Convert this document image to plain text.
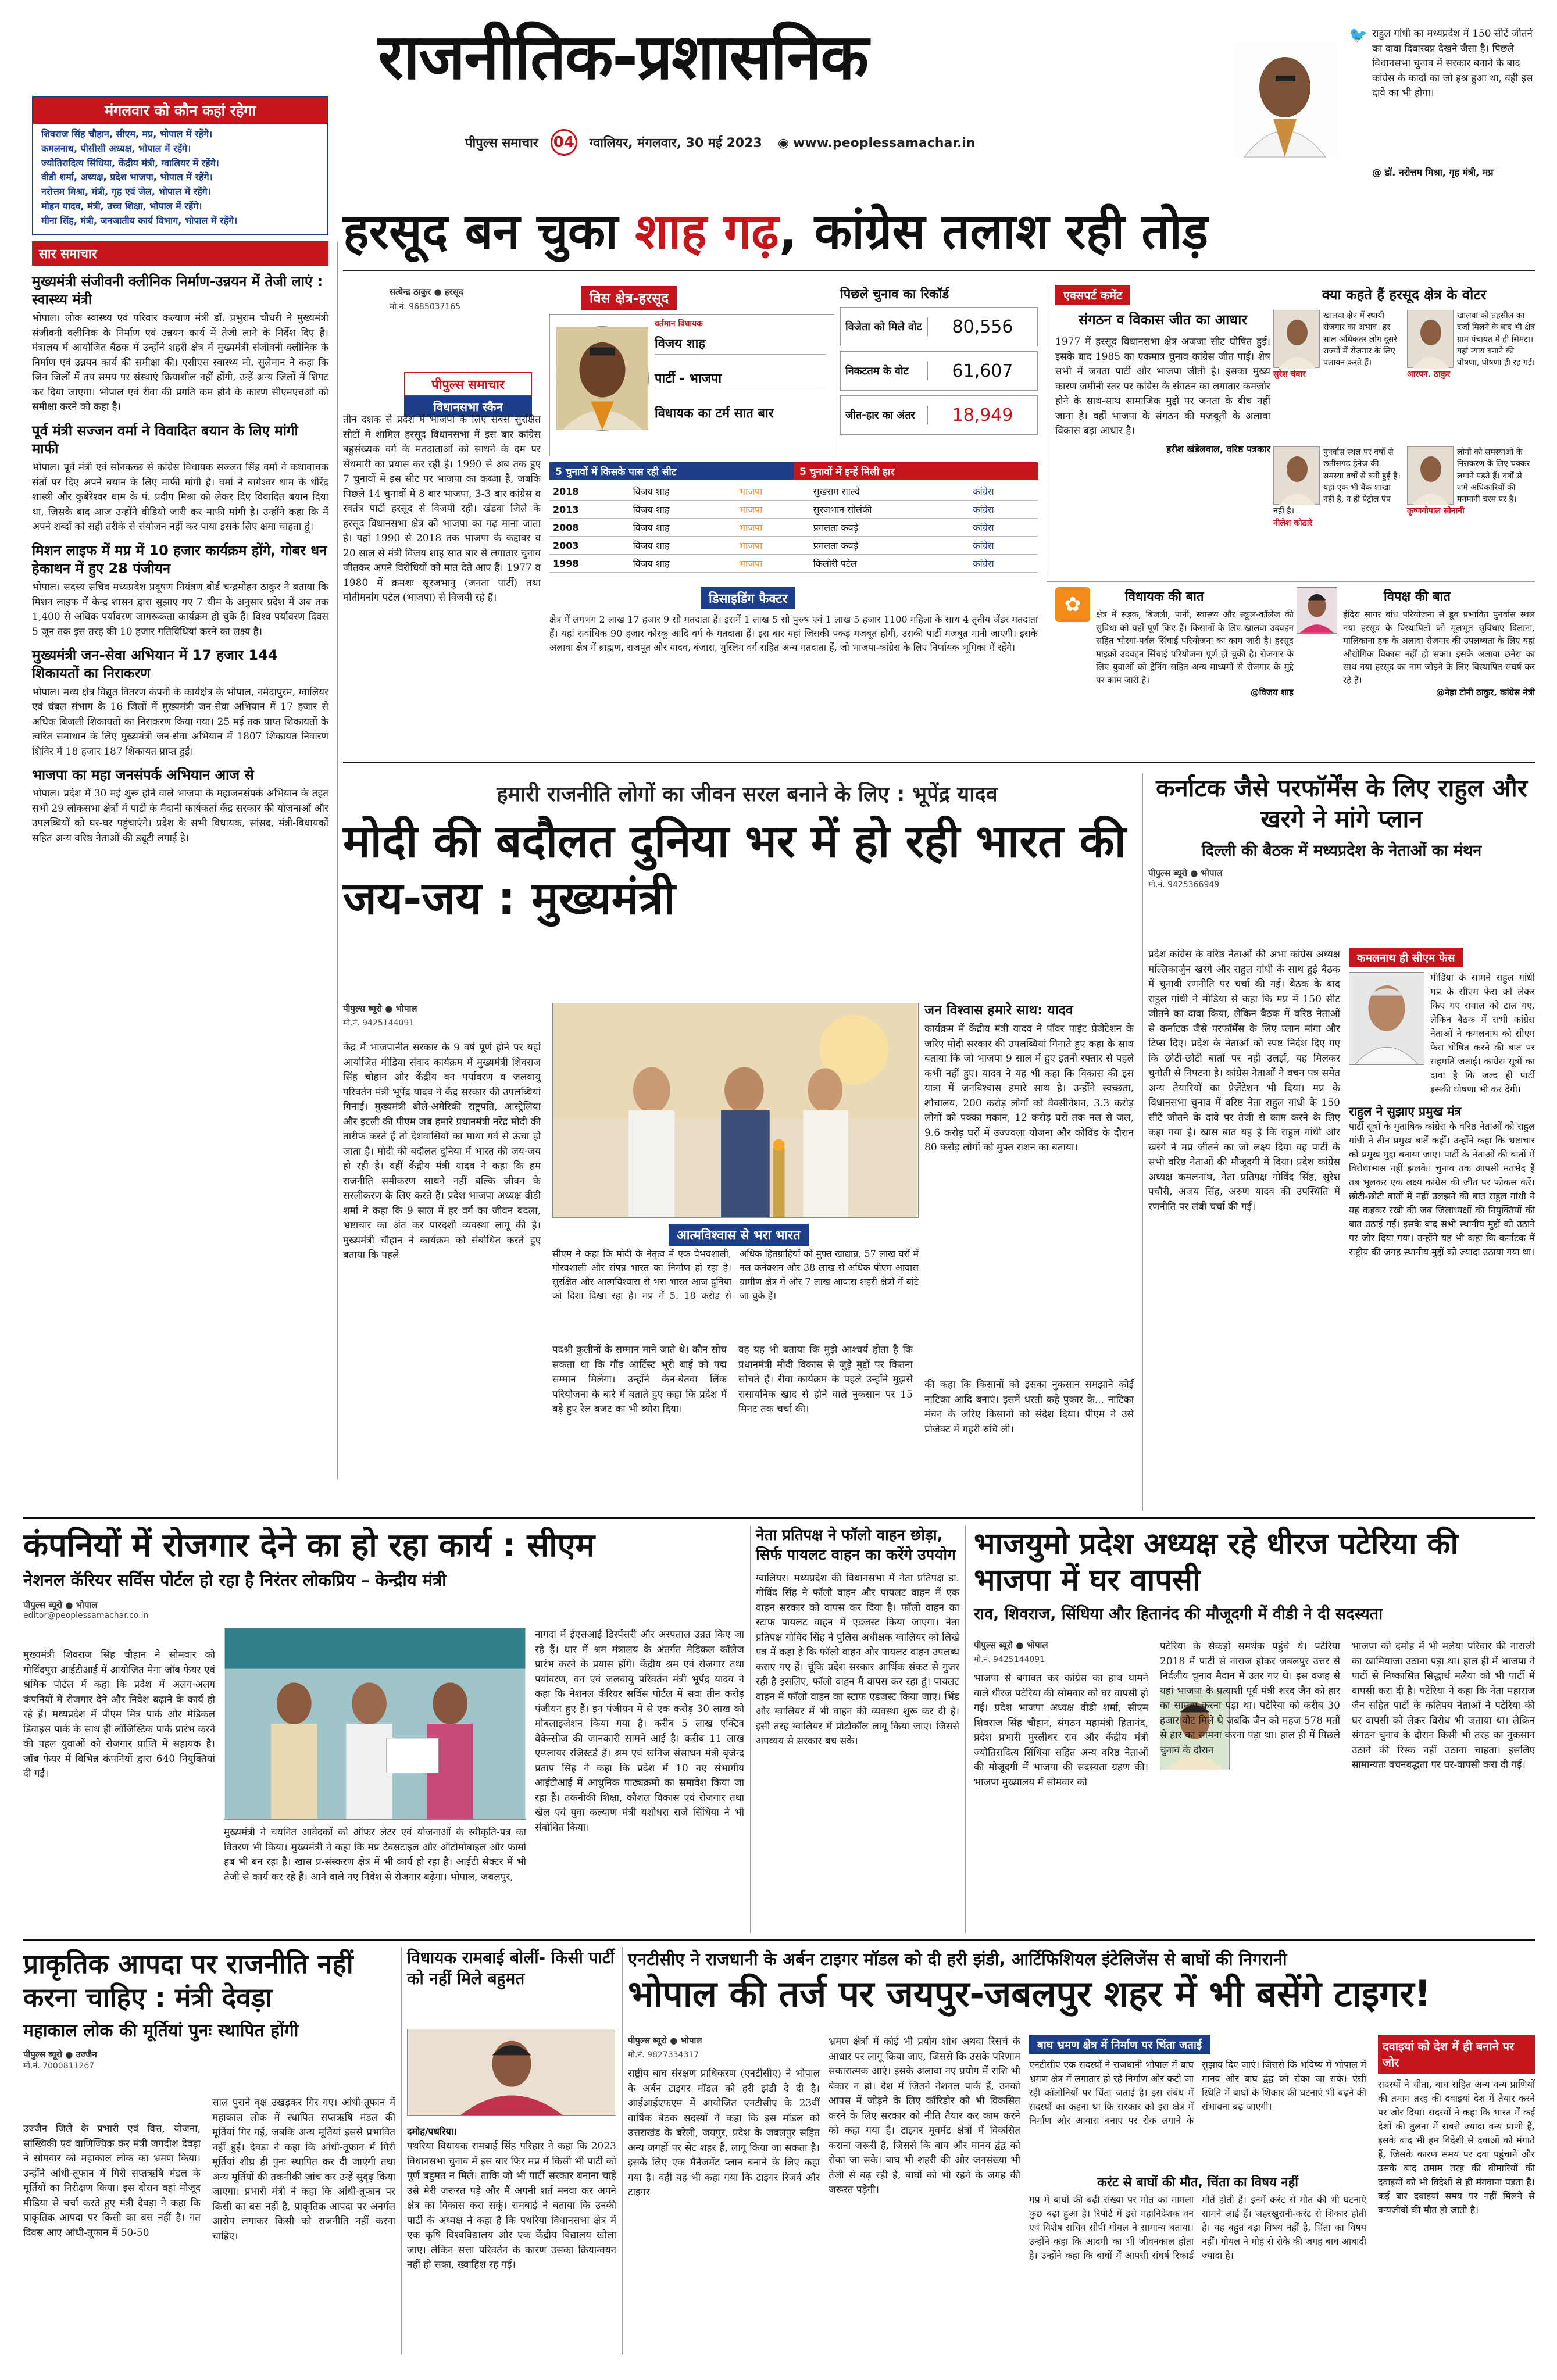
मंगलवार को कौन कहां रहेगा
शिवराज सिंह चौहान, सीएम, मप्र, भोपाल में रहेंगे।
कमलनाथ, पीसीसी अध्यक्ष, भोपाल में रहेंगे।
ज्योतिरादित्य सिंधिया, केंद्रीय मंत्री, ग्वालियर में रहेंगे।
वीडी शर्मा, अध्यक्ष, प्रदेश भाजपा, भोपाल में रहेंगे।
नरोत्तम मिश्रा, मंत्री, गृह एवं जेल, भोपाल में रहेंगे।
मोहन यादव, मंत्री, उच्च शिक्षा, भोपाल में रहेंगे।
मीना सिंह, मंत्री, जनजातीय कार्य विभाग, भोपाल में रहेंगे।
राजनीतिक-प्रशासनिक
पीपुल्स समाचार 04 ग्वालियर, मंगलवार, 30 मई 2023 ◉ www.peoplessamachar.in
🐦 राहुल गांधी का मध्यप्रदेश में 150 सीटें जीतने का दावा दिवास्वप्न देखने जैसा है। पिछले विधानसभा चुनाव में सरकार बनाने के बाद कांग्रेस के कादों का जो हश्र हुआ था, वही इस दावे का भी होगा।
@ डॉ. नरोत्तम मिश्रा, गृह मंत्री, मप्र
सार समाचार
मुख्यमंत्री संजीवनी क्लीनिक निर्माण-उन्नयन में तेजी लाएं : स्वास्थ्य मंत्री
भोपाल। लोक स्वास्थ्य एवं परिवार कल्याण मंत्री डॉ. प्रभुराम चौधरी ने मुख्यमंत्री संजीवनी क्लीनिक के निर्माण एवं उन्नयन कार्य में तेजी लाने के निर्देश दिए हैं। मंत्रालय में आयोजित बैठक में उन्होंने शहरी क्षेत्र में मुख्यमंत्री संजीवनी क्लीनिक के निर्माण एवं उन्नयन कार्य की समीक्षा की। एसीएस स्वास्थ्य मो. सुलेमान ने कहा कि जिन जिलों में तय समय पर संस्थाएं क्रियाशील नहीं होंगी, उन्हें अन्य जिलों में शिफ्ट कर दिया जाएगा। भोपाल एवं रीवा की प्रगति कम होने के कारण सीएमएचओ को समीक्षा करने को कहा है।
पूर्व मंत्री सज्जन वर्मा ने विवादित बयान के लिए मांगी माफी
भोपाल। पूर्व मंत्री एवं सोनकच्छ से कांग्रेस विधायक सज्जन सिंह वर्मा ने कथावाचक संतों पर दिए अपने बयान के लिए माफी मांगी है। वर्मा ने बागेश्वर धाम के धीरेंद्र शास्त्री और कुबेरेश्वर धाम के पं. प्रदीप मिश्रा को लेकर दिए विवादित बयान दिया था, जिसके बाद आज उन्होंने वीडियो जारी कर माफी मांगी है। उन्होंने कहा कि मैं अपने शब्दों को सही तरीके से संयोजन नहीं कर पाया इसके लिए क्षमा चाहता हूं।
मिशन लाइफ में मप्र में 10 हजार कार्यक्रम होंगे, गोबर धन हेकाथन में हुए 28 पंजीयन
भोपाल। सदस्य सचिव मध्यप्रदेश प्रदूषण नियंत्रण बोर्ड चन्द्रमोहन ठाकुर ने बताया कि मिशन लाइफ में केन्द्र शासन द्वारा सुझाए गए 7 थीम के अनुसार प्रदेश में अब तक 1,400 से अधिक पर्यावरण जागरूकता कार्यक्रम हो चुके हैं। विश्व पर्यावरण दिवस 5 जून तक इस तरह की 10 हजार गतिविधियां करने का लक्ष्य है।
मुख्यमंत्री जन-सेवा अभियान में 17 हजार 144 शिकायतों का निराकरण
भोपाल। मध्य क्षेत्र विद्युत वितरण कंपनी के कार्यक्षेत्र के भोपाल, नर्मदापुरम, ग्वालियर एवं चंबल संभाग के 16 जिलों में मुख्यमंत्री जन-सेवा अभियान में 17 हजार से अधिक बिजली शिकायतों का निराकरण किया गया। 25 मई तक प्राप्त शिकायतों के त्वरित समाधान के लिए मुख्यमंत्री जन-सेवा अभियान में 1807 शिकायत निवारण शिविर में 18 हजार 187 शिकायत प्राप्त हुईं।
भाजपा का महा जनसंपर्क अभियान आज से
भोपाल। प्रदेश में 30 मई शुरू होने वाले भाजपा के महाजनसंपर्क अभियान के तहत सभी 29 लोकसभा क्षेत्रों में पार्टी के मैदानी कार्यकर्ता केंद्र सरकार की योजनाओं और उपलब्धियों को घर-घर पहुंचाएंगे। प्रदेश के सभी विधायक, सांसद, मंत्री-विधायकों सहित अन्य वरिष्ठ नेताओं की ड्यूटी लगाई है।
हरसूद बन चुका शाह गढ़, कांग्रेस तलाश रही तोड़
सत्येन्द्र ठाकुर ● हरसूद
मो.नं. 9685037165
विस क्षेत्र-हरसूद
पीपुल्स समाचार
विधानसभा स्कैन
तीन दशक से प्रदेश में भाजपा के लिए सबसे सुरक्षित सीटों में शामिल हरसूद विधानसभा में इस बार कांग्रेस बहुसंख्यक वर्ग के मतदाताओं को साधने के दम पर सेंधमारी का प्रयास कर रही है। 1990 से अब तक हुए 7 चुनावों में इस सीट पर भाजपा का कब्जा है, जबकि पिछले 14 चुनावों में 8 बार भाजपा, 3-3 बार कांग्रेस व स्वतंत्र पार्टी हरसूद से विजयी रही। खंडवा जिले के हरसूद विधानसभा क्षेत्र को भाजपा का गढ़ माना जाता है। यहां 1990 से 2018 तक भाजपा के कद्दावर व 20 साल से मंत्री विजय शाह सात बार से लगातार चुनाव जीतकर अपने विरोधियों को मात देते आए हैं। 1977 व 1980 में क्रमशः सूरजभानु (जनता पार्टी) तथा मोतीमनांग पटेल (भाजपा) से विजयी रहे हैं।
वर्तमान विधायक
विजय शाह
पार्टी - भाजपा
विधायक का टर्म सात बार
पिछले चुनाव का रिकॉर्ड
विजेता को मिले वोट	80,556
निकटतम के वोट	61,607
जीत-हार का अंतर	18,949
5 चुनावों में किसके पास रही सीट	5 चुनावों में इन्हें मिली हार
2018	विजय शाह	भाजपा	सुखराम साल्वे	कांग्रेस
2013	विजय शाह	भाजपा	सुरजभान सोलंकी	कांग्रेस
2008	विजय शाह	भाजपा	प्रमलता कवड़े	कांग्रेस
2003	विजय शाह	भाजपा	प्रमलता कवड़े	कांग्रेस
1998	विजय शाह	भाजपा	किलोरी पटेल	कांग्रेस
डिसाइडिंग फैक्टर
क्षेत्र में लगभग 2 लाख 17 हजार 9 सौ मतदाता हैं। इसमें 1 लाख 5 सौ पुरुष एवं 1 लाख 5 हजार 1100 महिला के साथ 4 तृतीय जेंडर मतदाता हैं। यहां सर्वाधिक 90 हजार कोरकू आदि वर्ग के मतदाता हैं। इस बार यहां जिसकी पकड़ मजबूत होगी, उसकी पार्टी मजबूत मानी जाएगी। इसके अलावा क्षेत्र में ब्राह्मण, राजपूत और यादव, बंजारा, मुस्लिम वर्ग सहित अन्य मतदाता हैं, जो भाजपा-कांग्रेस के लिए निर्णायक भूमिका में रहेंगे।
एक्सपर्ट कमेंट
संगठन व विकास जीत का आधार
1977 में हरसूद विधानसभा क्षेत्र अजजा सीट घोषित हुई। इसके बाद 1985 का एकमात्र चुनाव कांग्रेस जीत पाई। शेष सभी में जनता पार्टी और भाजपा जीती है। इसका मुख्य कारण जमीनी स्तर पर कांग्रेस के संगठन का लगातार कमजोर होने के साथ-साथ सामाजिक मुद्दों पर जनता के बीच नहीं जाना है। वहीं भाजपा के संगठन की मजबूती के अलावा विकास बड़ा आधार है।
हरीश खंडेलवाल, वरिष्ठ पत्रकार
क्या कहते हैं हरसूद क्षेत्र के वोटर
खालवा क्षेत्र में स्थायी रोजगार का अभाव। हर साल अधिकतर लोग दूसरे राज्यों में रोजगार के लिए पलायन करते हैं।
सुरेश चंबार
खालवा को तहसील का दर्जा मिलने के बाद भी क्षेत्र ग्राम पंचायत में ही सिमटा। यहां न्याय बनाने की घोषणा, घोषणा ही रह गई।
आरपन. ठाकुर
पुनर्वास स्थल पर वर्षों से छतीसगढ़ ड्रेनेज की समस्या वर्षों से बनी हुई है। यहां एक भी बैंक शाखा नहीं है, न ही पेट्रोल पंप नहीं है।
नीलेश कोठारे
लोगों को समस्याओं के निराकरण के लिए चक्कर लगाने पड़ते हैं। वर्षों से जमे अधिकारियों की मनमानी चरम पर है।
कृष्णगोपाल सोनानी
विधायक की बात
✿	क्षेत्र में सड़क, बिजली, पानी, स्वास्थ्य और स्कूल-कॉलेज की सुविधा को यहाँ पूर्ण किए हैं। किसानों के लिए खालवा उदवहन सहित भोरगां-पर्वल सिंचाई परियोजना का काम जारी है। हरसूद माइक्रो उदवहन सिंचाई परियोजना पूर्ण हो चुकी है। रोजगार के लिए युवाओं को ट्रेनिंग सहित अन्य माध्यमों से रोजगार के मुद्दे पर काम जारी है।
@विजय शाह
विपक्ष की बात
इंदिरा सागर बांध परियोजना से डूब प्रभावित पुनर्वास स्थल नया हरसूद के विस्थापितों को मूलभूत सुविधाएं दिलाना, मालिकाना हक के अलावा रोजगार की उपलब्धता के लिए यहां औद्योगिक विकास नहीं हो सका। इसके अलावा छनेरा का साथ नया हरसूद का नाम जोड़ने के लिए विस्थापित संघर्ष कर रहे हैं।
@नेहा टोनी ठाकुर, कांग्रेस नेत्री
हमारी राजनीति लोगों का जीवन सरल बनाने के लिए : भूपेंद्र यादव
मोदी की बदौलत दुनिया भर में हो रही भारत की जय-जय : मुख्यमंत्री
पीपुल्स ब्यूरो ● भोपाल
मो.नं. 9425144091
केंद्र में भाजपानीत सरकार के 9 वर्ष पूर्ण होने पर यहां आयोजित मीडिया संवाद कार्यक्रम में मुख्यमंत्री शिवराज सिंह चौहान और केंद्रीय वन पर्यावरण व जलवायु परिवर्तन मंत्री भूपेंद्र यादव ने केंद्र सरकार की उपलब्धियां गिनाईं। मुख्यमंत्री बोले-अमेरिकी राष्ट्रपति, आस्ट्रेलिया और इटली की पीएम जब हमारे प्रधानमंत्री नरेंद्र मोदी की तारीफ करते हैं तो देशवासियों का माथा गर्व से ऊंचा हो जाता है। मोदी की बदौलत दुनिया में भारत की जय-जय हो रही है। वहीं केंद्रीय मंत्री यादव ने कहा कि हम राजनीति समीकरण साधने नहीं बल्कि जीवन के सरलीकरण के लिए करते हैं। प्रदेश भाजपा अध्यक्ष वीडी शर्मा ने कहा कि 9 साल में हर वर्ग का जीवन बदला, भ्रष्टाचार का अंत कर पारदर्शी व्यवस्था लागू की है। मुख्यमंत्री चौहान ने कार्यक्रम को संबोधित करते हुए बताया कि पहले
जन विश्वास हमारे साथ: यादव
कार्यक्रम में केंद्रीय मंत्री यादव ने पॉवर पाइंट प्रेजेंटेशन के जरिए मोदी सरकार की उपलब्धियां गिनाते हुए कहा के साथ बताया कि जो भाजपा 9 साल में हुए इतनी रफ्तार से पहले कभी नहीं हुए। यादव ने यह भी कहा कि विकास की इस यात्रा में जनविश्वास हमारे साथ है। उन्होंने स्वच्छता, शौचालय, 200 करोड़ लोगों को वैक्सीनेशन, 3.3 करोड़ लोगों को पक्का मकान, 12 करोड़ घरों तक नल से जल, 9.6 करोड़ घरों में उज्ज्वला योजना और कोविड के दौरान 80 करोड़ लोगों को मुफ्त राशन का बताया।
आत्मविश्वास से भरा भारत
सीएम ने कहा कि मोदी के नेतृत्व में एक वैभवशाली, गौरवशाली और संपन्न भारत का निर्माण हो रहा है। सुरक्षित और आत्मविश्वास से भरा भारत आज दुनिया को दिशा दिखा रहा है। मप्र में 5. 18 करोड़ से अधिक हितग्राहियों को मुफ्त खाद्यान्न, 57 लाख घरों में नल कनेक्शन और 38 लाख से अधिक पीएम आवास ग्रामीण क्षेत्र में और 7 लाख आवास शहरी क्षेत्रों में बांटे जा चुके हैं।
पदश्री कुलीनों के सम्मान माने जाते थे। कौन सोच सकता था कि गौंड आर्टिस्ट भूरी बाई को पद्म सम्मान मिलेगा। उन्होंने केन-बेतवा लिंक परियोजना के बारे में बताते हुए कहा कि प्रदेश में बड़े हुए रेल बजट का भी ब्यौरा दिया।
वह यह भी बताया कि मुझे आश्चर्य होता है कि प्रधानमंत्री मोदी विकास से जुड़े मुद्दों पर कितना सोचते हैं। रीवा कार्यक्रम के पहले उन्होंने मुझसे रासायनिक खाद से होने वाले नुकसान पर 15 मिनट तक चर्चा की।
की कहा कि किसानों को इसका नुकसान समझाने कोई नाटिका आदि बनाएं। इसमें धरती कहे पुकार के... नाटिका मंचन के जरिए किसानों को संदेश दिया। पीएम ने उसे प्रोजेक्ट में गहरी रुचि ली।
कर्नाटक जैसे परफॉर्मेंस के लिए राहुल और खरगे ने मांगे प्लान
दिल्ली की बैठक में मध्यप्रदेश के नेताओं का मंथन
पीपुल्स ब्यूरो ● भोपाल
मो.नं. 9425366949
प्रदेश कांग्रेस के वरिष्ठ नेताओं की अभा कांग्रेस अध्यक्ष मल्लिकार्जुन खरगे और राहुल गांधी के साथ हुई बैठक में चुनावी रणनीति पर चर्चा की गई। बैठक के बाद राहुल गांधी ने मीडिया से कहा कि मप्र में 150 सीट जीतने का दावा किया, लेकिन बैठक में वरिष्ठ नेताओं से कर्नाटक जैसे परफॉर्मेंस के लिए प्लान मांगा और टिप्स दिए। प्रदेश के नेताओं को स्पष्ट निर्देश दिए गए कि छोटी-छोटी बातों पर नहीं उलझें, यह मिलकर चुनौती से निपटना है। कांग्रेस नेताओं ने वचन पत्र समेत अन्य तैयारियों का प्रेजेंटेशन भी दिया। मप्र के विधानसभा चुनाव में वरिष्ठ नेता राहुल गांधी के 150 सीटें जीतने के दावे पर तेजी से काम करने के लिए कहा गया है। खास बात यह है कि राहुल गांधी और खरगे ने मप्र जीतने का जो लक्ष्य दिया वह पार्टी के सभी वरिष्ठ नेताओं की मौजूदगी में दिया। प्रदेश कांग्रेस अध्यक्ष कमलनाथ, नेता प्रतिपक्ष गोविंद सिंह, सुरेश पचौरी, अजय सिंह, अरुण यादव की उपस्थिति में रणनीति पर लंबी चर्चा की गई।
कमलनाथ ही सीएम फेस
मीडिया के सामने राहुल गांधी मप्र के सीएम फेस को लेकर किए गए सवाल को टाल गए, लेकिन बैठक में सभी कांग्रेस नेताओं ने कमलनाथ को सीएम फेस घोषित करने की बात पर सहमति जताई। कांग्रेस सूत्रों का दावा है कि जल्द ही पार्टी इसकी घोषणा भी कर देगी।
राहुल ने सुझाए प्रमुख मंत्र
पार्टी सूत्रों के मुताबिक कांग्रेस के वरिष्ठ नेताओं को राहुल गांधी ने तीन प्रमुख बातें कहीं। उन्होंने कहा कि भ्रष्टाचार को प्रमुख मुद्दा बनाया जाए। पार्टी के नेताओं की बातों में विरोधाभास नहीं झलके। चुनाव तक आपसी मतभेद हैं तब भूलकर एक लक्ष्य कांग्रेस की जीत पर फोकस करें। छोटी-छोटी बातों में नहीं उलझने की बात राहुल गांधी ने यह कहकर रखी की जब जिलाध्यक्षों की नियुक्तियों की बात उठाई गई। इसके बाद सभी स्थानीय मुद्दों को उठाने पर जोर दिया गया। उन्होंने यह भी कहा कि कर्नाटक में राष्ट्रीय की जगह स्थानीय मुद्दों को ज्यादा उठाया गया था।
कंपनियों में रोजगार देने का हो रहा कार्य : सीएम
नेशनल कॅरियर सर्विस पोर्टल हो रहा है निरंतर लोकप्रिय – केन्द्रीय मंत्री
पीपुल्स ब्यूरो ● भोपाल
editor@peoplessamachar.co.in
मुख्यमंत्री शिवराज सिंह चौहान ने सोमवार को गोविंदपुरा आईटीआई में आयोजित मेगा जॉब फेयर एवं श्रमिक पोर्टल में कहा कि प्रदेश में अलग-अलग कंपनियों में रोजगार देने और निवेश बढ़ाने के कार्य हो रहे हैं। मध्यप्रदेश में पीएम मित्र पार्क और मेडिकल डिवाइस पार्क के साथ ही लॉजिस्टिक पार्क प्रारंभ करने की पहल युवाओं को रोजगार प्राप्ति में सहायक है। जॉब फेयर में विभिन्न कंपनियों द्वारा 640 नियुक्तियां दी गईं।
मुख्यमंत्री ने चयनित आवेदकों को ऑफर लेटर एवं योजनाओं के स्वीकृति-पत्र का वितरण भी किया। मुख्यमंत्री ने कहा कि मप्र टेक्सटाइल और ऑटोमोबाइल और फार्मा हब भी बन रहा है। खास प्र-संस्करण क्षेत्र में भी कार्य हो रहा है। आईटी सेक्टर में भी तेजी से कार्य कर रहे हैं। आने वाले नए निवेश से रोजगार बढ़ेगा। भोपाल, जबलपुर,
नागदा में ईएसआई डिस्पेंसरी और अस्पताल उन्नत किए जा रहे हैं। धार में श्रम मंत्रालय के अंतर्गत मेडिकल कॉलेज प्रारंभ करने के प्रयास होंगे। केंद्रीय श्रम एवं रोजगार तथा पर्यावरण, वन एवं जलवायु परिवर्तन मंत्री भूपेंद्र यादव ने कहा कि नेशनल कॅरियर सर्विस पोर्टल में सवा तीन करोड़ पंजीयन हुए हैं। इन पंजीयन में से एक करोड़ 30 लाख को मोबलाइजेशन किया गया है। करीब 5 लाख एक्टिव वेकेन्सीज की जानकारी सामने आई है। करीब 11 लाख एम्प्लायर रजिस्टर्ड हैं। श्रम एवं खनिज संसाधन मंत्री बृजेन्द्र प्रताप सिंह ने कहा कि प्रदेश में 10 नए संभागीय आईटीआई में आधुनिक पाठ्यक्रमों का समावेश किया जा रहा है। तकनीकी शिक्षा, कौशल विकास एवं रोजगार तथा खेल एवं युवा कल्याण मंत्री यशोधरा राजे सिंधिया ने भी संबोधित किया।
नेता प्रतिपक्ष ने फॉलो वाहन छोड़ा, सिर्फ पायलट वाहन का करेंगे उपयोग
ग्वालियर। मध्यप्रदेश की विधानसभा में नेता प्रतिपक्ष डा. गोविंद सिंह ने फॉलो वाहन और पायलट वाहन में एक वाहन सरकार को वापस कर दिया है। फॉलो वाहन का स्टाफ पायलट वाहन में एडजस्ट किया जाएगा। नेता प्रतिपक्ष गोविंद सिंह ने पुलिस अधीक्षक ग्वालियर को लिखे पत्र में कहा है कि फॉलो वाहन और पायलट वाहन उपलब्ध कराए गए हैं। चूंकि प्रदेश सरकार आर्थिक संकट से गुजर रही है इसलिए, फॉलो वाहन मैं वापस कर रहा हूं। पायलट वाहन में फॉलो वाहन का स्टाफ एडजस्ट किया जाए। भिंड और ग्वालियर में भी वाहन की व्यवस्था शुरू कर दी है। इसी तरह ग्वालियर में प्रोटोकॉल लागू किया जाए। जिससे अपव्यय से सरकार बच सके।
भाजयुमो प्रदेश अध्यक्ष रहे धीरज पटेरिया की भाजपा में घर वापसी
राव, शिवराज, सिंधिया और हितानंद की मौजूदगी में वीडी ने दी सदस्यता
पीपुल्स ब्यूरो ● भोपाल
मो.नं. 9425144091
भाजपा से बगावत कर कांग्रेस का हाथ थामने वाले धीरज पटेरिया की सोमवार को घर वापसी हो गई। प्रदेश भाजपा अध्यक्ष वीडी शर्मा, सीएम शिवराज सिंह चौहान, संगठन महामंत्री हितानंद, प्रदेश प्रभारी मुरलीधर राव और केंद्रीय मंत्री ज्योतिरादित्य सिंधिया सहित अन्य वरिष्ठ नेताओं की मौजूदगी में भाजपा की सदस्यता ग्रहण की। भाजपा मुख्यालय में सोमवार को
पटेरिया के सैकड़ों समर्थक पहुंचे थे। पटेरिया 2018 में पार्टी से नाराज होकर जबलपुर उत्तर से निर्दलीय चुनाव मैदान में उतर गए थे। इस वजह से यहां भाजपा के प्रत्याशी पूर्व मंत्री शरद जैन को हार का सामना करना पड़ा था। पटेरिया को करीब 30 हजार वोट मिले थे जबकि जैन को महज 578 मतों से हार का सामना करना पड़ा था। हाल ही में पिछले चुनाव के दौरान
भाजपा को दमोह में भी मलैया परिवार की नाराजी का खामियाजा उठाना पड़ा था। हाल ही में भाजपा ने पार्टी से निष्कासित सिद्धार्थ मलैया को भी पार्टी में वापसी करा दी है। पटेरिया ने कहा कि नेता महाराज जैन सहित पार्टी के कतिपय नेताओं ने पटेरिया की घर वापसी को लेकर विरोध भी जताया था। लेकिन संगठन चुनाव के दौरान किसी भी तरह का नुकसान उठाने की रिस्क नहीं उठाना चाहता। इसलिए सामान्यतः वचनबद्धता पर घर-वापसी करा दी गई।
प्राकृतिक आपदा पर राजनीति नहीं करना चाहिए : मंत्री देवड़ा
महाकाल लोक की मूर्तियां पुनः स्थापित होंगी
पीपुल्स ब्यूरो ● उज्जैन
मो.नं. 7000811267
उज्जैन जिले के प्रभारी एवं वित्त, योजना, सांख्यिकी एवं वाणिज्यिक कर मंत्री जगदीश देवड़ा ने सोमवार को महाकाल लोक का भ्रमण किया। उन्होंने आंधी-तूफान में गिरी सप्तऋषि मंडल के मूर्तियों का निरीक्षण किया। इस दौरान वहां मौजूद मीडिया से चर्चा करते हुए मंत्री देवड़ा ने कहा कि प्राकृतिक आपदा पर किसी का बस नहीं है। गत दिवस आए आंधी-तूफान में 50-50
साल पुराने वृक्ष उखड़कर गिर गए। आंधी-तूफान में महाकाल लोक में स्थापित सप्तऋषि मंडल की मूर्तियां गिर गईं, जबकि अन्य मूर्तियां इससे प्रभावित नहीं हुईं। देवड़ा ने कहा कि आंधी-तूफान में गिरी मूर्तियां शीघ्र ही पुनः स्थापित कर दी जाएंगी तथा अन्य मूर्तियों की तकनीकी जांच कर उन्हें सुदृढ़ किया जाएगा। प्रभारी मंत्री ने कहा कि आंधी-तूफान पर किसी का बस नहीं है, प्राकृतिक आपदा पर अनर्गल आरोप लगाकर किसी को राजनीति नहीं करना चाहिए।
विधायक रामबाई बोलीं- किसी पार्टी को नहीं मिले बहुमत
दमोह/पथरिया।
पथरिया विधायक रामबाई सिंह परिहार ने कहा कि 2023 विधानसभा चुनाव में इस बार फिर मप्र में किसी भी पार्टी को पूर्ण बहुमत न मिले। ताकि जो भी पार्टी सरकार बनाना चाहे उसे मेरी जरूरत पड़े और मैं अपनी शर्त मनवा कर अपने क्षेत्र का विकास करा सकूं। रामबाई ने बताया कि उनकी पार्टी के अध्यक्ष ने कहा है कि पथरिया विधानसभा क्षेत्र में एक कृषि विश्वविद्यालय और एक केंद्रीय विद्यालय खोला जाए। लेकिन सत्ता परिवर्तन के कारण उसका क्रियान्वयन नहीं हो सका, ख्वाहिश रह गई।
एनटीसीए ने राजधानी के अर्बन टाइगर मॉडल को दी हरी झंडी, आर्टिफिशियल इंटेलिजेंस से बाघों की निगरानी
भोपाल की तर्ज पर जयपुर-जबलपुर शहर में भी बसेंगे टाइगर!
पीपुल्स ब्यूरो ● भोपाल
मो.नं. 9827334317
राष्ट्रीय बाघ संरक्षण प्राधिकरण (एनटीसीए) ने भोपाल के अर्बन टाइगर मॉडल को हरी झंडी दे दी है। आईआईएफएम में आयोजित एनटीसीए के 23वीं वार्षिक बैठक सदस्यों ने कहा कि इस मॉडल को उत्तराखंड के बरेली, जयपुर, प्रदेश के जबलपुर सहित अन्य जगहों पर सेट शहर हैं, लागू किया जा सकता है। इसके लिए एक मैनेजमेंट प्लान बनाने के लिए कहा गया है। वहीं यह भी कहा गया कि टाइगर रिजर्व और टाइगर
भ्रमण क्षेत्रों में कोई भी प्रयोग शोध अथवा रिसर्च के आधार पर लागू किया जाए, जिससे कि उसके परिणाम सकारात्मक आएं। इसके अलावा नए प्रयोग में राशि भी बेकार न हो। देश में जितने नेशनल पार्क हैं, उनको आपस में जोड़ने के लिए कॉरिडोर को भी विकसित करने के लिए सरकार को नीति तैयार कर काम करने को कहा गया है। टाइगर मूवमेंट क्षेत्रों में विकसित कराना जरूरी है, जिससे कि बाघ और मानव द्वंद्व को रोका जा सके। बाघ भी शहरी की ओर जनसंख्या भी तेजी से बढ़ रही है, बाघों को भी रहने के जगह की जरूरत पड़ेगी।
बाघ भ्रमण क्षेत्र में निर्माण पर चिंता जताई
एनटीसीए एक सदस्यों ने राजधानी भोपाल में बाघ भ्रमण क्षेत्र में लगातार हो रहे निर्माण और कटी जा रही कॉलोनियों पर चिंता जताई है। इस संबंध में सदस्यों का कहना था कि सरकार को इस क्षेत्र में निर्माण और आवास बनाए पर रोक लगाने के सुझाव दिए जाएं। जिससे कि भविष्य में भोपाल में मानव और बाघ द्वंद्व को रोका जा सके। ऐसी स्थिति में बाघों के शिकार की घटनाएं भी बढ़ने की संभावना बढ़ जाएगी।
करंट से बाघों की मौत, चिंता का विषय नहीं
मप्र में बाघों की बढ़ी संख्या पर मौत का मामला कुछ बढ़ा हुआ है। रिपोर्ट में इसे महानिदेशक वन एवं विशेष सचिव सीपी गोयल ने सामान्य बताया। उन्होंने कहा कि आदमी का भी जीवनकाल होता है। उन्होंने कहा कि बाघों में आपसी संघर्ष रिकार्ड मौतें होती हैं। इनमें करंट से मौत की भी घटनाएं सामने आई हैं। जहरखुरानी-करंट से शिकार होती है। यह बहुत बड़ा विषय नहीं है, चिंता का विषय नहीं। गोयल ने मोह से रोके की जगह बाघ आबादी ज्यादा है।
दवाइयां को देश में ही बनाने पर जोर
सदस्यों ने चीता, बाघ सहित अन्य वन्य प्राणियों की तमाम तरह की दवाइयां देश में तैयार करने पर जोर दिया। सदस्यों ने कहा कि भारत में कई देशों की तुलना में सबसे ज्यादा वन्य प्राणी हैं, इसके बाद भी हम विदेशी से दवाओं को मंगाते हैं, जिसके कारण समय पर दवा पहुंचाने और उसके बाद तमाम तरह की बीमारियों की दवाइयों को भी विदेशों से ही मंगवाना पड़ता है। कई बार दवाइयां समय पर नहीं मिलने से वन्यजीवों की मौत हो जाती है।
